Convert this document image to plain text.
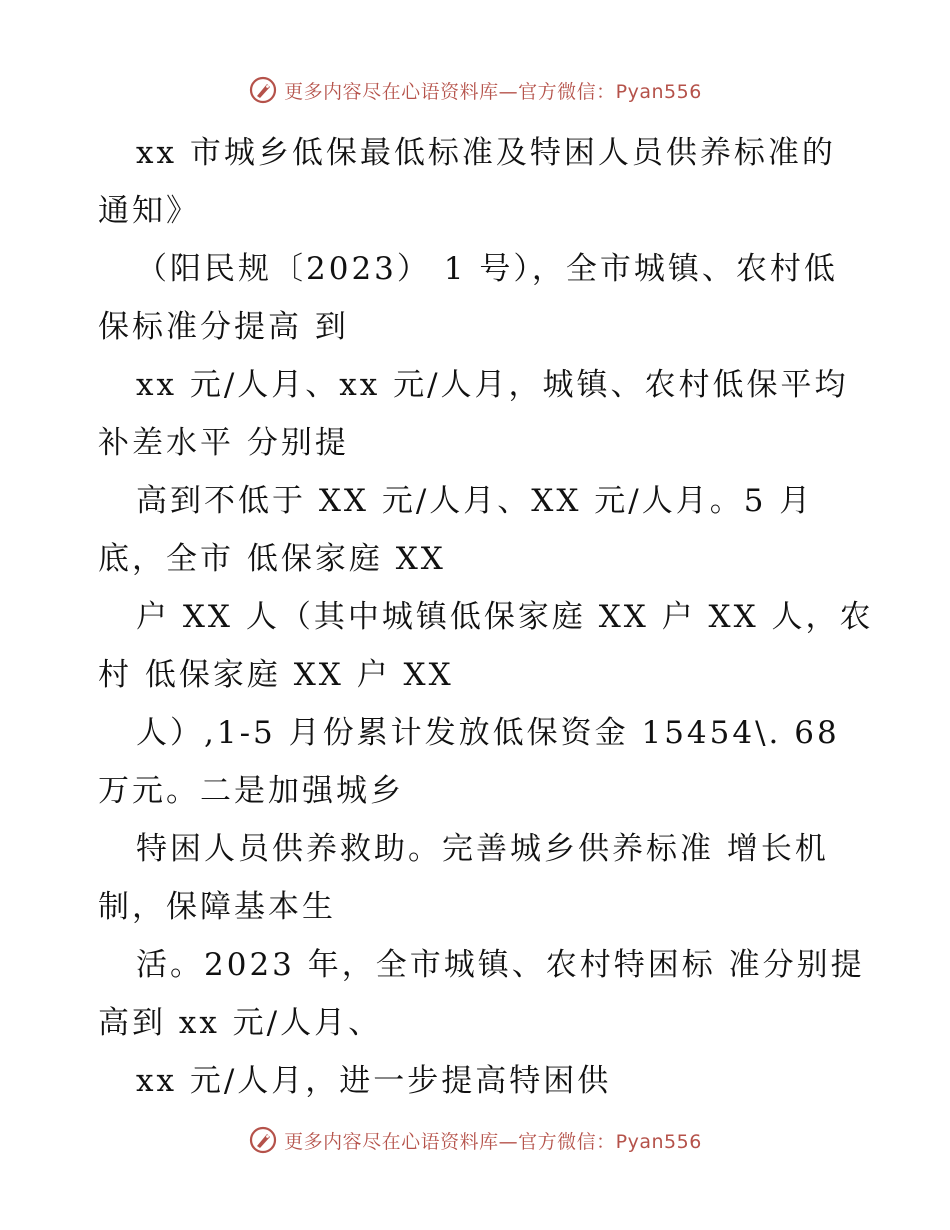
更多内容尽在心语资料库—官方微信：Pyan556

xx 市城乡低保最低标准及特困人员供养标准的

通知》

（阳民规〔2023） 1 号），全市城镇、农村低

保标准分提高 到

xx 元/人月、xx 元/人月，城镇、农村低保平均

补差水平 分别提

高到不低于 XX 元/人月、XX 元/人月。5 月

底，全市 低保家庭 XX

户 XX 人（其中城镇低保家庭 XX 户 XX 人，农

村 低保家庭 XX 户 XX

人）,1-5 月份累计发放低保资金 15454\. 68

万元。二是加强城乡

特困人员供养救助。完善城乡供养标准 增长机

制，保障基本生

活。2023 年，全市城镇、农村特困标 准分别提

高到 xx 元/人月、

xx 元/人月，进一步提高特困供

更多内容尽在心语资料库—官方微信：Pyan556
